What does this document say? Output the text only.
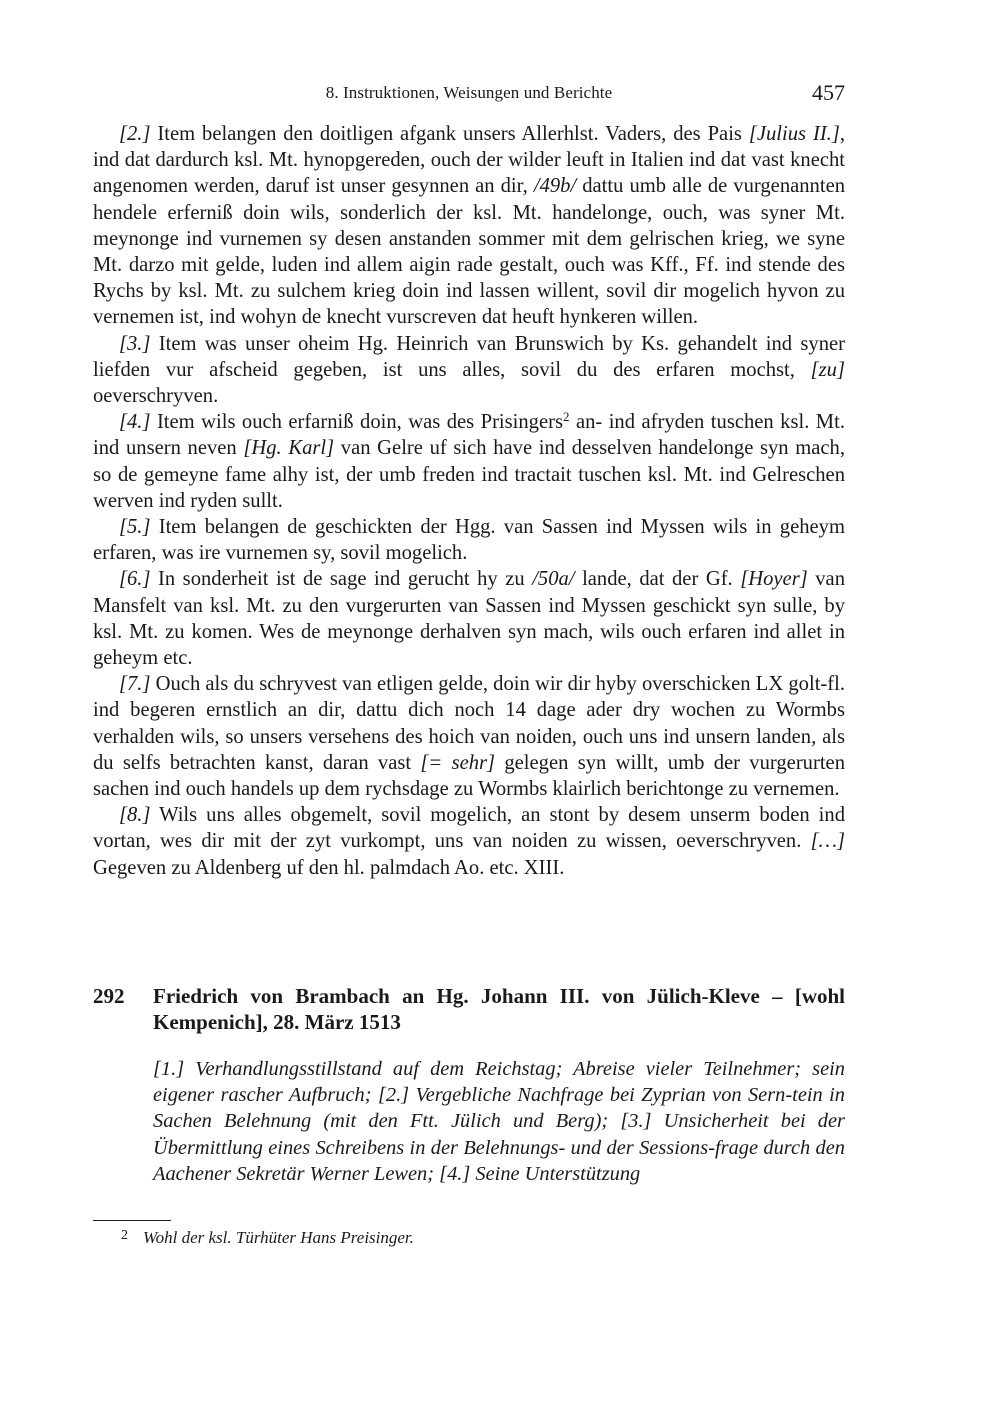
8. Instruktionen, Weisungen und Berichte	457

[2.] Item belangen den doitligen afgank unsers Allerhlst. Vaders, des Pais [Julius II.], ind dat dardurch ksl. Mt. hynopgereden, ouch der wilder leuft in Italien ind dat vast knecht angenomen werden, daruf ist unser gesynnen an dir, /49b/ dattu umb alle de vurgenannten hendele erferniß doin wils, sonderlich der ksl. Mt. handelonge, ouch, was syner Mt. meynonge ind vurnemen sy desen anstanden sommer mit dem gelrischen krieg, we syne Mt. darzo mit gelde, luden ind allem aigin rade gestalt, ouch was Kff., Ff. ind stende des Rychs by ksl. Mt. zu sulchem krieg doin ind lassen willent, sovil dir mogelich hyvon zu vernemen ist, ind wohyn de knecht vurscreven dat heuft hynkeren willen.

[3.] Item was unser oheim Hg. Heinrich van Brunswich by Ks. gehandelt ind syner liefden vur afscheid gegeben, ist uns alles, sovil du des erfaren mochst, [zu] oeverschryven.

[4.] Item wils ouch erfarniß doin, was des Prisingers$^2$ an- ind afryden tuschen ksl. Mt. ind unsern neven [Hg. Karl] van Gelre uf sich have ind desselven handelonge syn mach, so de gemeyne fame alhy ist, der umb freden ind tractait tuschen ksl. Mt. ind Gelreschen werven ind ryden sullt.

[5.] Item belangen de geschickten der Hgg. van Sassen ind Myssen wils in geheym erfaren, was ire vurnemen sy, sovil mogelich.

[6.] In sonderheit ist de sage ind gerucht hy zu /50a/ lande, dat der Gf. [Hoyer] van Mansfelt van ksl. Mt. zu den vurgerurten van Sassen ind Myssen geschickt syn sulle, by ksl. Mt. zu komen. Wes de meynonge derhalven syn mach, wils ouch erfaren ind allet in geheym etc.

[7.] Ouch als du schryvest van etligen gelde, doin wir dir hyby overschicken LX golt-fl. ind begeren ernstlich an dir, dattu dich noch 14 dage ader dry wochen zu Wormbs verhalden wils, so unsers versehens des hoich van noiden, ouch uns ind unsern landen, als du selfs betrachten kanst, daran vast [= sehr] gelegen syn willt, umb der vurgerurten sachen ind ouch handels up dem rychsdage zu Wormbs klairlich berichtonge zu vernemen.

[8.] Wils uns alles obgemelt, sovil mogelich, an stont by desem unserm boden ind vortan, wes dir mit der zyt vurkompt, uns van noiden zu wissen, oeverschryven. […] Gegeven zu Aldenberg uf den hl. palmdach Ao. etc. XIII.

292 Friedrich von Brambach an Hg. Johann III. von Jülich-Kleve – [wohl Kempenich], 28. März 1513
[1.] Verhandlungsstillstand auf dem Reichstag; Abreise vieler Teilnehmer; sein eigener rascher Aufbruch; [2.] Vergebliche Nachfrage bei Zyprian von Sern-tein in Sachen Belehnung (mit den Ftt. Jülich und Berg); [3.] Unsicherheit bei der Übermittlung eines Schreibens in der Belehnungs- und der Sessions-frage durch den Aachener Sekretär Werner Lewen; [4.] Seine Unterstützung
2 Wohl der ksl. Türhüter Hans Preisinger.
